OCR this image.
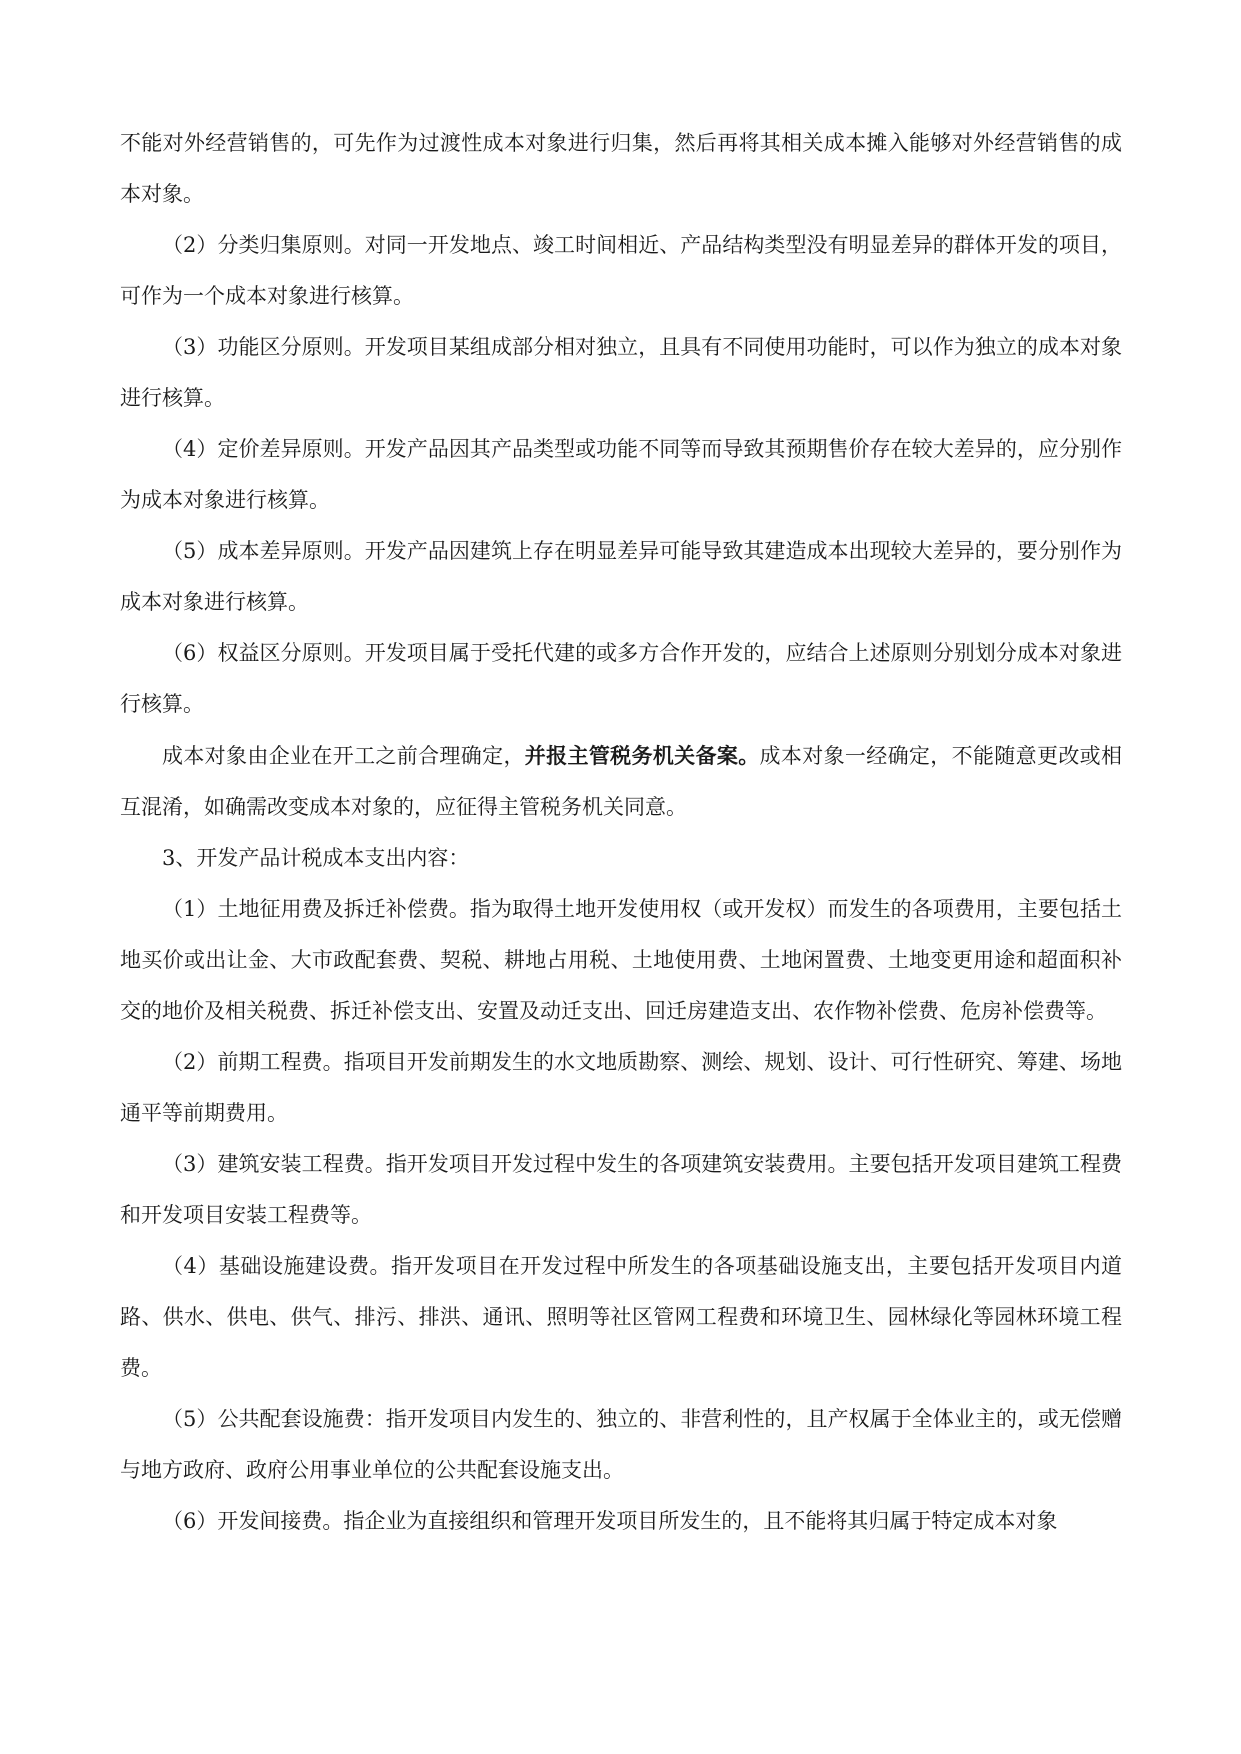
不能对外经营销售的，可先作为过渡性成本对象进行归集，然后再将其相关成本摊入能够对外经营销售的成本对象。

（2）分类归集原则。对同一开发地点、竣工时间相近、产品结构类型没有明显差异的群体开发的项目，可作为一个成本对象进行核算。

（3）功能区分原则。开发项目某组成部分相对独立，且具有不同使用功能时，可以作为独立的成本对象进行核算。

（4）定价差异原则。开发产品因其产品类型或功能不同等而导致其预期售价存在较大差异的，应分别作为成本对象进行核算。

（5）成本差异原则。开发产品因建筑上存在明显差异可能导致其建造成本出现较大差异的，要分别作为成本对象进行核算。

（6）权益区分原则。开发项目属于受托代建的或多方合作开发的，应结合上述原则分别划分成本对象进行核算。

成本对象由企业在开工之前合理确定，并报主管税务机关备案。成本对象一经确定，不能随意更改或相互混淆，如确需改变成本对象的，应征得主管税务机关同意。

3、开发产品计税成本支出内容：

（1）土地征用费及拆迁补偿费。指为取得土地开发使用权（或开发权）而发生的各项费用，主要包括土地买价或出让金、大市政配套费、契税、耕地占用税、土地使用费、土地闲置费、土地变更用途和超面积补交的地价及相关税费、拆迁补偿支出、安置及动迁支出、回迁房建造支出、农作物补偿费、危房补偿费等。

（2）前期工程费。指项目开发前期发生的水文地质勘察、测绘、规划、设计、可行性研究、筹建、场地通平等前期费用。

（3）建筑安装工程费。指开发项目开发过程中发生的各项建筑安装费用。主要包括开发项目建筑工程费和开发项目安装工程费等。

（4）基础设施建设费。指开发项目在开发过程中所发生的各项基础设施支出，主要包括开发项目内道路、供水、供电、供气、排污、排洪、通讯、照明等社区管网工程费和环境卫生、园林绿化等园林环境工程费。

（5）公共配套设施费：指开发项目内发生的、独立的、非营利性的，且产权属于全体业主的，或无偿赠与地方政府、政府公用事业单位的公共配套设施支出。

（6）开发间接费。指企业为直接组织和管理开发项目所发生的，且不能将其归属于特定成本对象
